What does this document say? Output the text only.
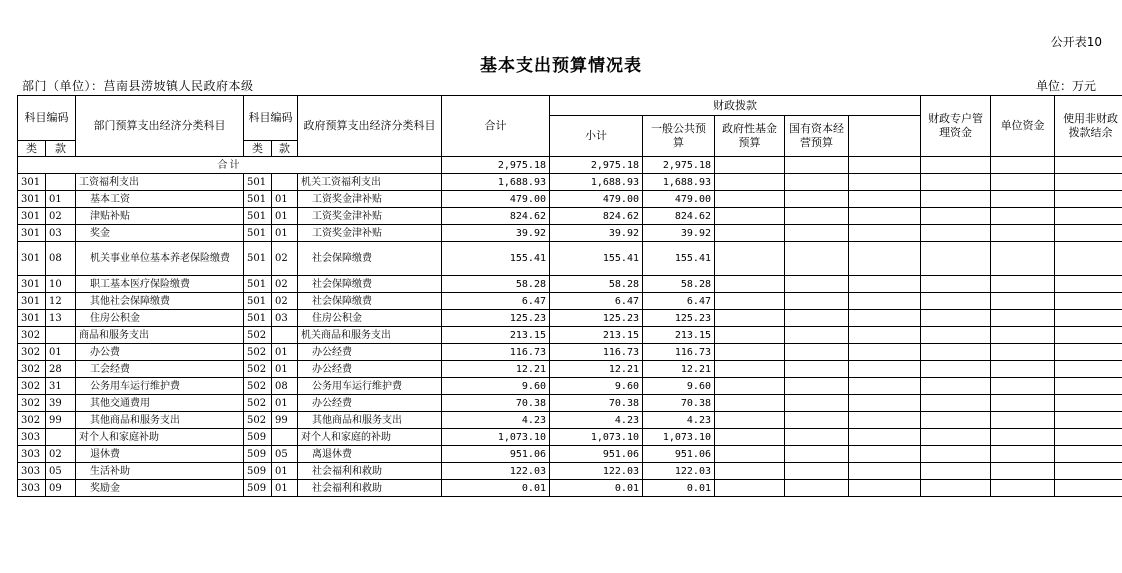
公开表10
基本支出预算情况表
部门（单位）：莒南县涝坡镇人民政府本级	单位：万元
科目编码		部门预算支出经济分类科目	科目编码		政府预算支出经济分类科目	合计	财政拨款					财政专户管理资金	单位资金	使用非财政拨款结余	
							小计	一般公共预算	政府性基金预算	国有资本经营预算					
类	款		类	款											
合计						2,975.18	2,975.18	2,975.18							
301		工资福利支出	501		机关工资福利支出	1,688.93	1,688.93	1,688.93							
301	01	基本工资	501	01	工资奖金津补贴	479.00	479.00	479.00							
301	02	津贴补贴	501	01	工资奖金津补贴	824.62	824.62	824.62							
301	03	奖金	501	01	工资奖金津补贴	39.92	39.92	39.92							
301	08	机关事业单位基本养老保险缴费	501	02	社会保障缴费	155.41	155.41	155.41							
301	10	职工基本医疗保险缴费	501	02	社会保障缴费	58.28	58.28	58.28							
301	12	其他社会保障缴费	501	02	社会保障缴费	6.47	6.47	6.47							
301	13	住房公积金	501	03	住房公积金	125.23	125.23	125.23							
302		商品和服务支出	502		机关商品和服务支出	213.15	213.15	213.15							
302	01	办公费	502	01	办公经费	116.73	116.73	116.73							
302	28	工会经费	502	01	办公经费	12.21	12.21	12.21							
302	31	公务用车运行维护费	502	08	公务用车运行维护费	9.60	9.60	9.60							
302	39	其他交通费用	502	01	办公经费	70.38	70.38	70.38							
302	99	其他商品和服务支出	502	99	其他商品和服务支出	4.23	4.23	4.23							
303		对个人和家庭补助	509		对个人和家庭的补助	1,073.10	1,073.10	1,073.10							
303	02	退休费	509	05	离退休费	951.06	951.06	951.06							
303	05	生活补助	509	01	社会福利和救助	122.03	122.03	122.03							
303	09	奖励金	509	01	社会福利和救助	0.01	0.01	0.01							
